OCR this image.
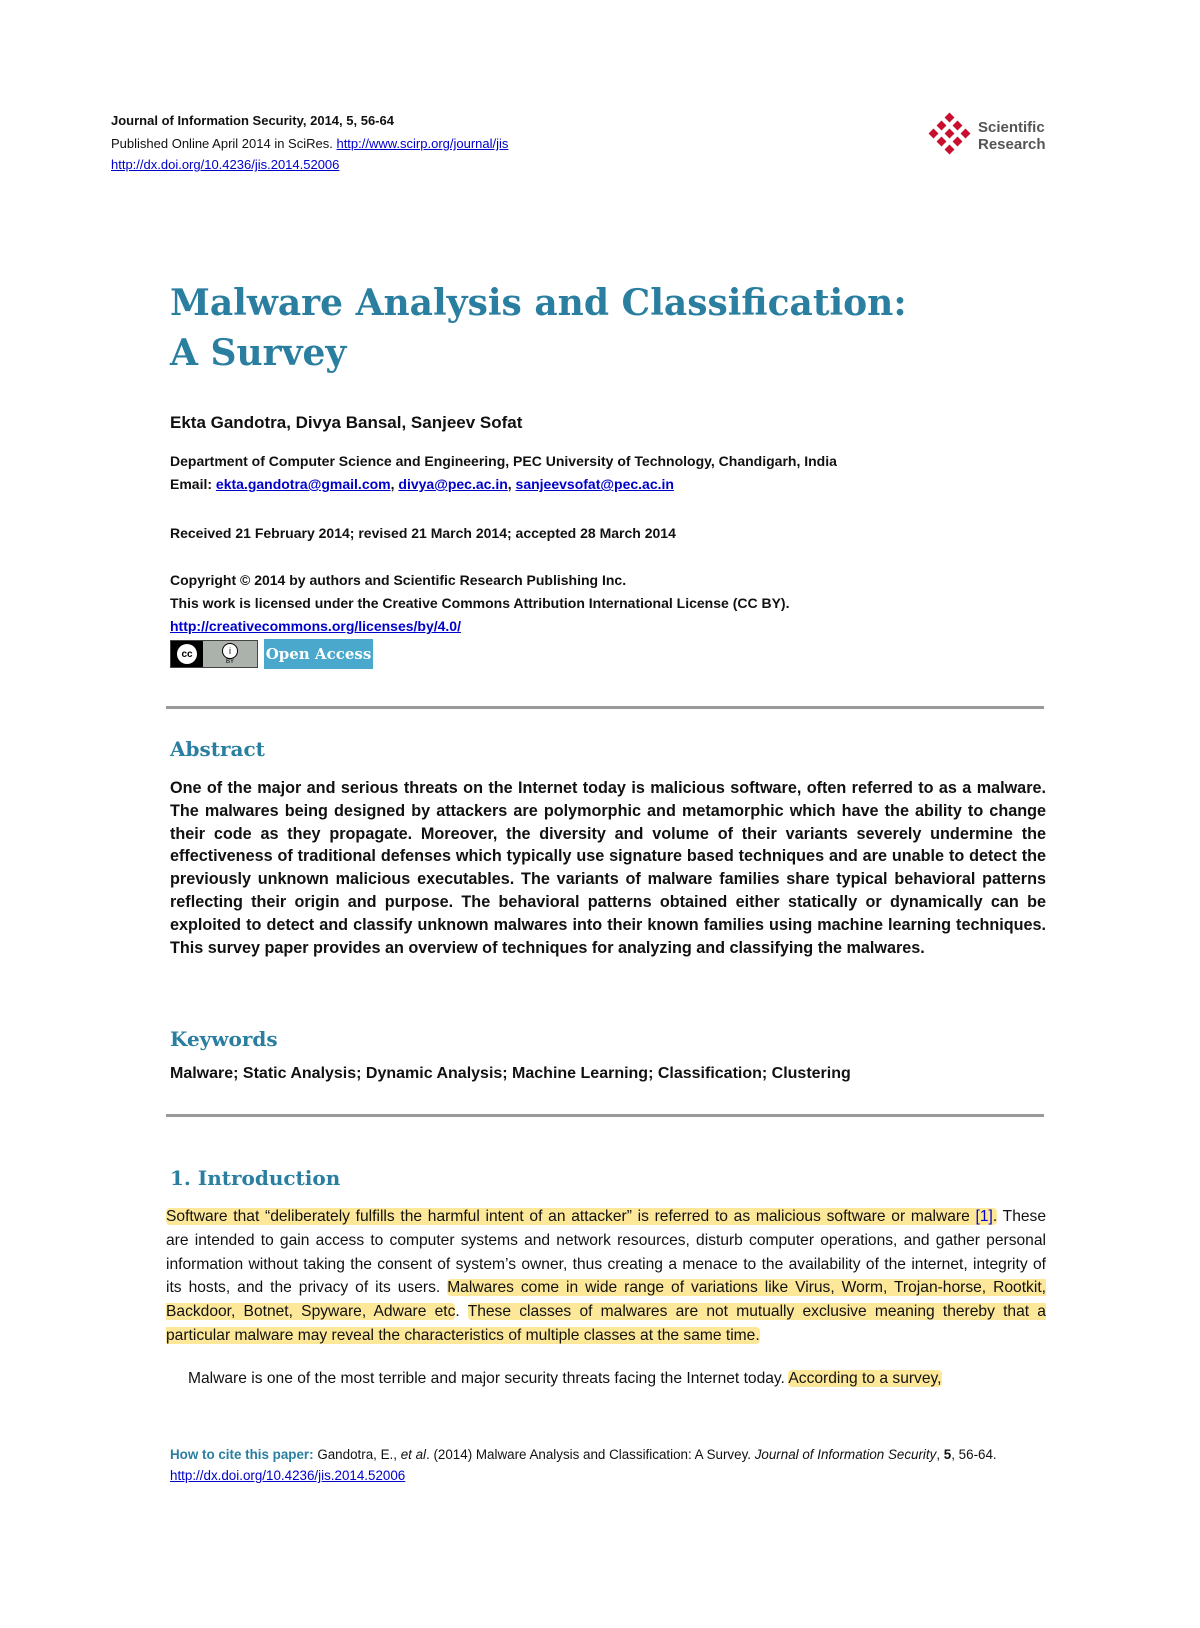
Journal of Information Security, 2014, 5, 56-64
Published Online April 2014 in SciRes. http://www.scirp.org/journal/jis
http://dx.doi.org/10.4236/jis.2014.52006
Scientific
Research
Malware Analysis and Classification:
A Survey
Ekta Gandotra, Divya Bansal, Sanjeev Sofat
Department of Computer Science and Engineering, PEC University of Technology, Chandigarh, India
Email: ekta.gandotra@gmail.com, divya@pec.ac.in, sanjeevsofat@pec.ac.in
Received 21 February 2014; revised 21 March 2014; accepted 28 March 2014
Copyright © 2014 by authors and Scientific Research Publishing Inc.
This work is licensed under the Creative Commons Attribution International License (CC BY).
http://creativecommons.org/licenses/by/4.0/
cc	i
BY Open Access
Abstract
One of the major and serious threats on the Internet today is malicious software, often referred to as a malware. The malwares being designed by attackers are polymorphic and metamorphic which have the ability to change their code as they propagate. Moreover, the diversity and volume of their variants severely undermine the effectiveness of traditional defenses which typically use signature based techniques and are unable to detect the previously unknown malicious executables. The variants of malware families share typical behavioral patterns reflecting their origin and purpose. The behavioral patterns obtained either statically or dynamically can be exploited to detect and classify unknown malwares into their known families using machine learning techniques. This survey paper provides an overview of techniques for analyzing and classifying the malwares.
Keywords
Malware; Static Analysis; Dynamic Analysis; Machine Learning; Classification; Clustering
1. Introduction
Software that “deliberately fulfills the harmful intent of an attacker” is referred to as malicious software or malware [1]. These are intended to gain access to computer systems and network resources, disturb computer operations, and gather personal information without taking the consent of system’s owner, thus creating a menace to the availability of the internet, integrity of its hosts, and the privacy of its users. Malwares come in wide range of variations like Virus, Worm, Trojan-horse, Rootkit, Backdoor, Botnet, Spyware, Adware etc. These classes of malwares are not mutually exclusive meaning thereby that a particular malware may reveal the characteristics of multiple classes at the same time.
Malware is one of the most terrible and major security threats facing the Internet today. According to a survey,
How to cite this paper: Gandotra, E., et al. (2014) Malware Analysis and Classification: A Survey. Journal of Information Security, 5, 56-64. http://dx.doi.org/10.4236/jis.2014.52006
